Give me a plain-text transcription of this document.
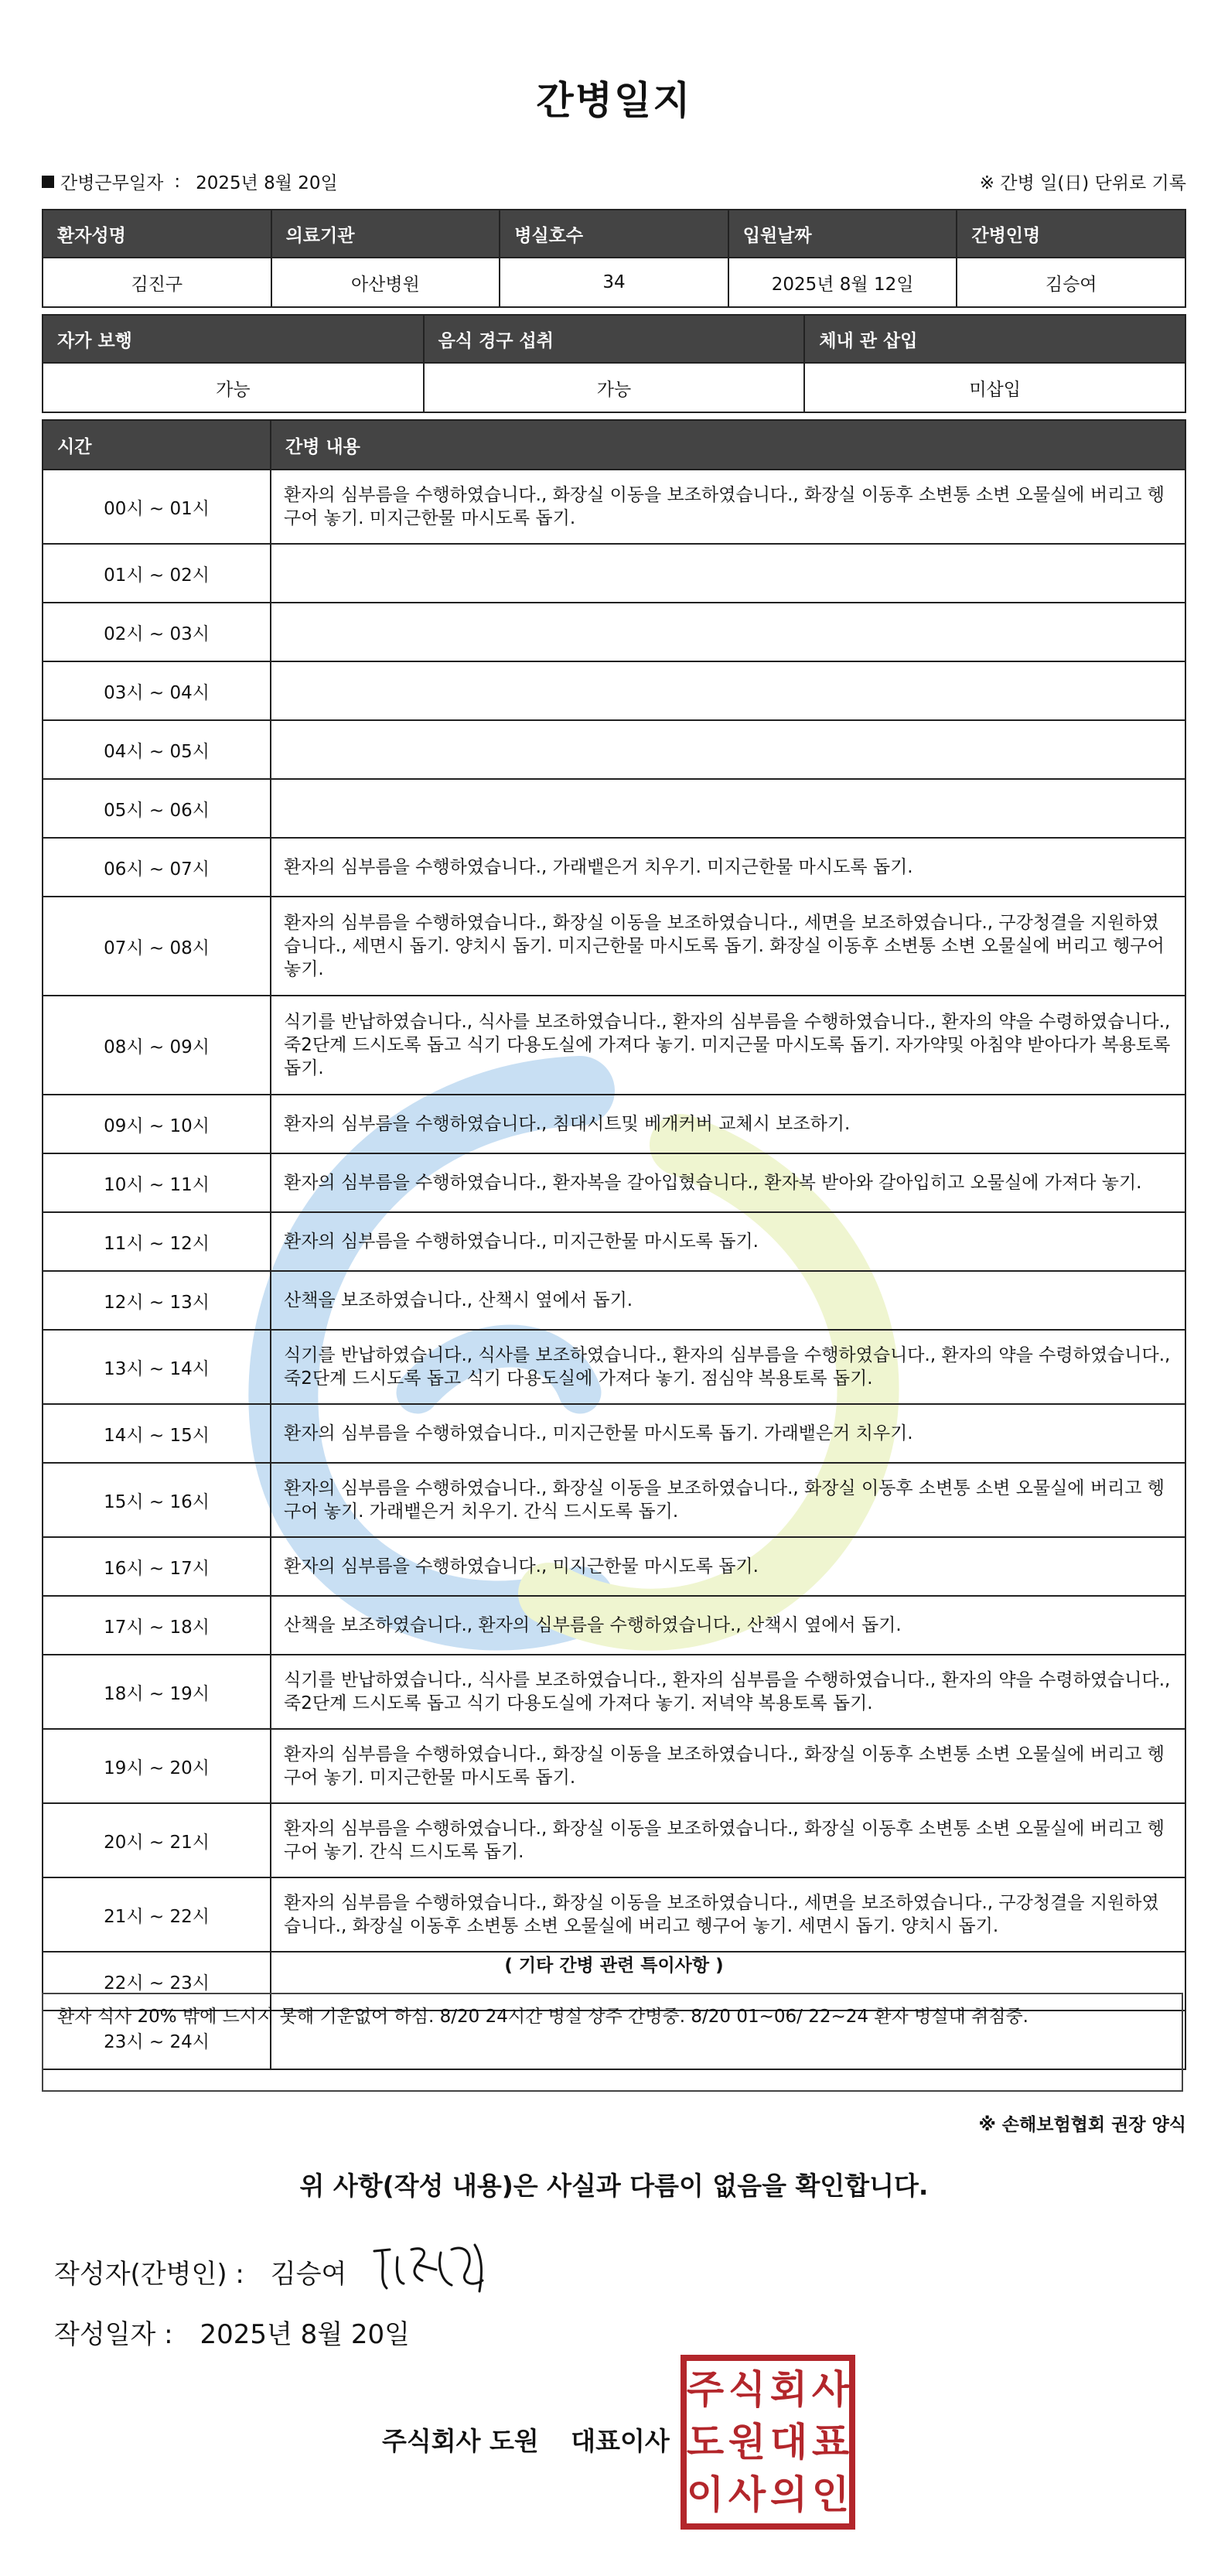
간병일지
간병근무일자 : 2025년 8월 20일	※ 간병 일(日) 단위로 기록
환자성명	의료기관	병실호수	입원날짜	간병인명
김진구	아산병원	34	2025년 8월 12일	김승여
자가 보행	음식 경구 섭취	체내 관 삽입
가능	가능	미삽입
시간	간병 내용
00시 ~ 01시	환자의 심부름을 수행하였습니다., 화장실 이동을 보조하였습니다., 화장실 이동후 소변통 소변 오물실에 버리고 헹구어 놓기. 미지근한물 마시도록 돕기.
01시 ~ 02시	
02시 ~ 03시	
03시 ~ 04시	
04시 ~ 05시	
05시 ~ 06시	
06시 ~ 07시	환자의 심부름을 수행하였습니다., 가래뱉은거 치우기. 미지근한물 마시도록 돕기.
07시 ~ 08시	환자의 심부름을 수행하였습니다., 화장실 이동을 보조하였습니다., 세면을 보조하였습니다., 구강청결을 지원하였습니다., 세면시 돕기. 양치시 돕기. 미지근한물 마시도록 돕기. 화장실 이동후 소변통 소변 오물실에 버리고 헹구어 놓기.
08시 ~ 09시	식기를 반납하였습니다., 식사를 보조하였습니다., 환자의 심부름을 수행하였습니다., 환자의 약을 수령하였습니다., 죽2단계 드시도록 돕고 식기 다용도실에 가져다 놓기. 미지근물 마시도록 돕기. 자가약및 아침약 받아다가 복용토록 돕기.
09시 ~ 10시	환자의 심부름을 수행하였습니다., 침대시트및 베개커버 교체시 보조하기.
10시 ~ 11시	환자의 심부름을 수행하였습니다., 환자복을 갈아입혔습니다., 환자복 받아와 갈아입히고 오물실에 가져다 놓기.
11시 ~ 12시	환자의 심부름을 수행하였습니다., 미지근한물 마시도록 돕기.
12시 ~ 13시	산책을 보조하였습니다., 산책시 옆에서 돕기.
13시 ~ 14시	식기를 반납하였습니다., 식사를 보조하였습니다., 환자의 심부름을 수행하였습니다., 환자의 약을 수령하였습니다., 죽2단계 드시도록 돕고 식기 다용도실에 가져다 놓기. 점심약 복용토록 돕기.
14시 ~ 15시	환자의 심부름을 수행하였습니다., 미지근한물 마시도록 돕기. 가래뱉은거 치우기.
15시 ~ 16시	환자의 심부름을 수행하였습니다., 화장실 이동을 보조하였습니다., 화장실 이동후 소변통 소변 오물실에 버리고 헹구어 놓기. 가래뱉은거 치우기. 간식 드시도록 돕기.
16시 ~ 17시	환자의 심부름을 수행하였습니다., 미지근한물 마시도록 돕기.
17시 ~ 18시	산책을 보조하였습니다., 환자의 심부름을 수행하였습니다., 산책시 옆에서 돕기.
18시 ~ 19시	식기를 반납하였습니다., 식사를 보조하였습니다., 환자의 심부름을 수행하였습니다., 환자의 약을 수령하였습니다., 죽2단계 드시도록 돕고 식기 다용도실에 가져다 놓기. 저녁약 복용토록 돕기.
19시 ~ 20시	환자의 심부름을 수행하였습니다., 화장실 이동을 보조하였습니다., 화장실 이동후 소변통 소변 오물실에 버리고 헹구어 놓기. 미지근한물 마시도록 돕기.
20시 ~ 21시	환자의 심부름을 수행하였습니다., 화장실 이동을 보조하였습니다., 화장실 이동후 소변통 소변 오물실에 버리고 헹구어 놓기. 간식 드시도록 돕기.
21시 ~ 22시	환자의 심부름을 수행하였습니다., 화장실 이동을 보조하였습니다., 세면을 보조하였습니다., 구강청결을 지원하였습니다., 화장실 이동후 소변통 소변 오물실에 버리고 헹구어 놓기. 세면시 돕기. 양치시 돕기.
22시 ~ 23시	
23시 ~ 24시	
( 기타 간병 관련 특이사항 )
환자 식사 20% 밖에 드시지 못해 기운없어 하심. 8/20 24시간 병실 상주 간병중. 8/20 01~06/ 22~24 환자 병실내 취침중.
※ 손해보험협회 권장 양식
위 사항(작성 내용)은 사실과 다름이 없음을 확인합니다.
작성자(간병인) : 김승여
작성일자 : 2025년 8월 20일
주식회사 도원 대표이사
주 식 회 사
도 원 대 표
이 사 의 인
